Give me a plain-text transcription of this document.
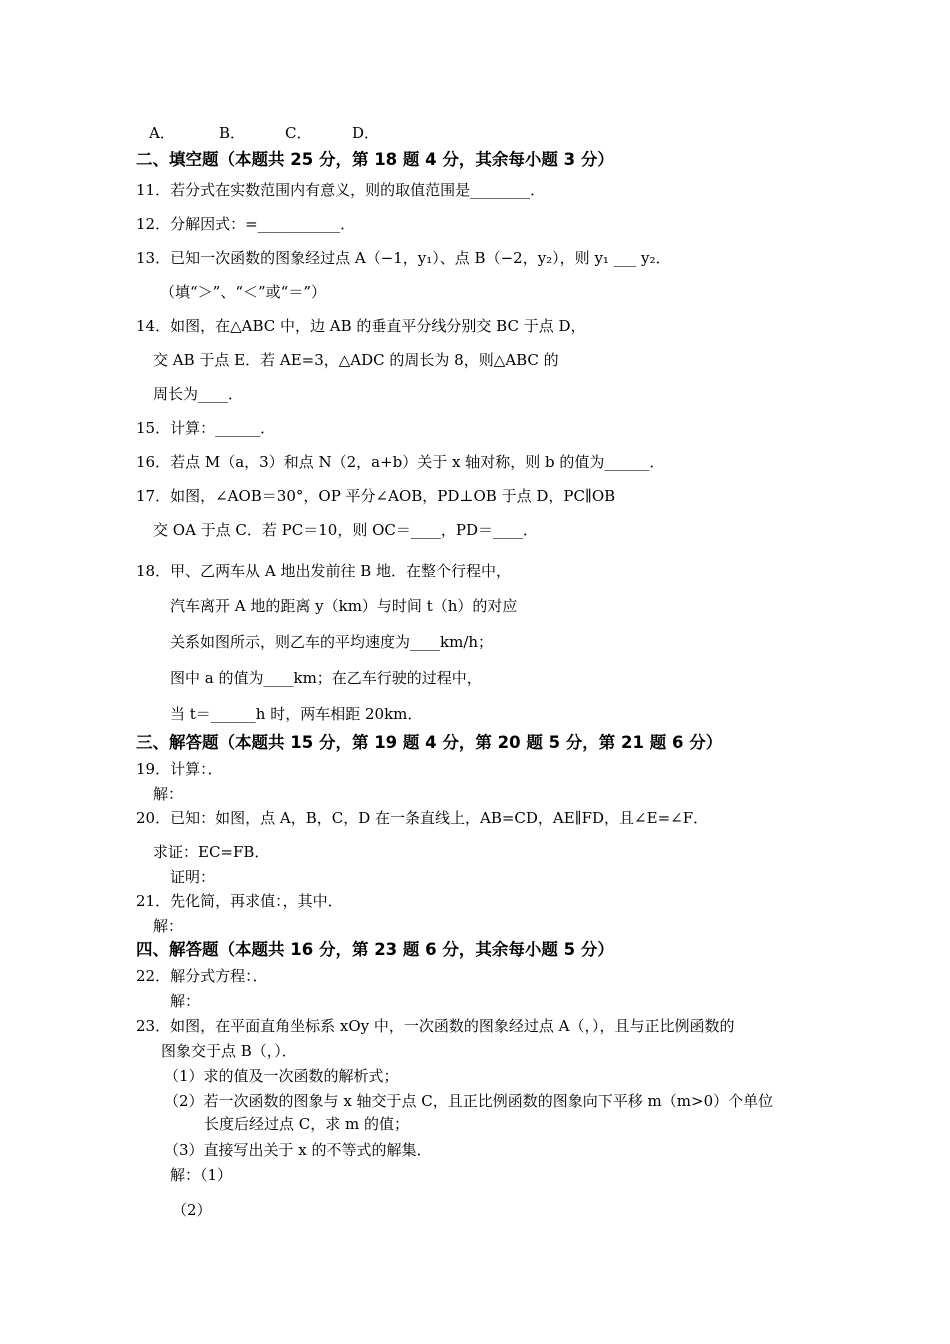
A．	B．	C．	D．
二、填空题（本题共 25 分，第 18 题 4 分，其余每小题 3 分）
11．若分式在实数范围内有意义，则的取值范围是________．
12．分解因式：=___________．
13．已知一次函数的图象经过点 A（−1，y₁）、点 B（−2，y₂），则 y₁ ___ y₂．
（填“＞”、“＜”或“＝”）
14．如图，在△ABC 中，边 AB 的垂直平分线分别交 BC 于点 D，
交 AB 于点 E．若 AE=3，△ADC 的周长为 8，则△ABC 的
周长为____．
15．计算：______．
16．若点 M（a，3）和点 N（2，a+b）关于 x 轴对称，则 b 的值为______．
17．如图，∠AOB＝30°，OP 平分∠AOB，PD⊥OB 于点 D，PC∥OB
交 OA 于点 C．若 PC＝10，则 OC＝____，PD＝____．
18．甲、乙两车从 A 地出发前往 B 地．在整个行程中，
汽车离开 A 地的距离 y（km）与时间 t（h）的对应
关系如图所示，则乙车的平均速度为____km/h；
图中 a 的值为____km；在乙车行驶的过程中，
当 t＝______h 时，两车相距 20km．
三、解答题（本题共 15 分，第 19 题 4 分，第 20 题 5 分，第 21 题 6 分）
19．计算：．
解：
20．已知：如图，点 A，B，C，D 在一条直线上，AB=CD，AE∥FD，且∠E=∠F．
求证：EC=FB．
证明：
21．先化简，再求值：，其中．
解：
四、解答题（本题共 16 分，第 23 题 6 分，其余每小题 5 分）
22．解分式方程：．
解：
23．如图，在平面直角坐标系 xOy 中，一次函数的图象经过点 A（，），且与正比例函数的
图象交于点 B（，）．
（1）求的值及一次函数的解析式；
（2）若一次函数的图象与 x 轴交于点 C，且正比例函数的图象向下平移 m（m>0）个单位
长度后经过点 C，求 m 的值；
（3）直接写出关于 x 的不等式的解集．
解：（1）
（2）
